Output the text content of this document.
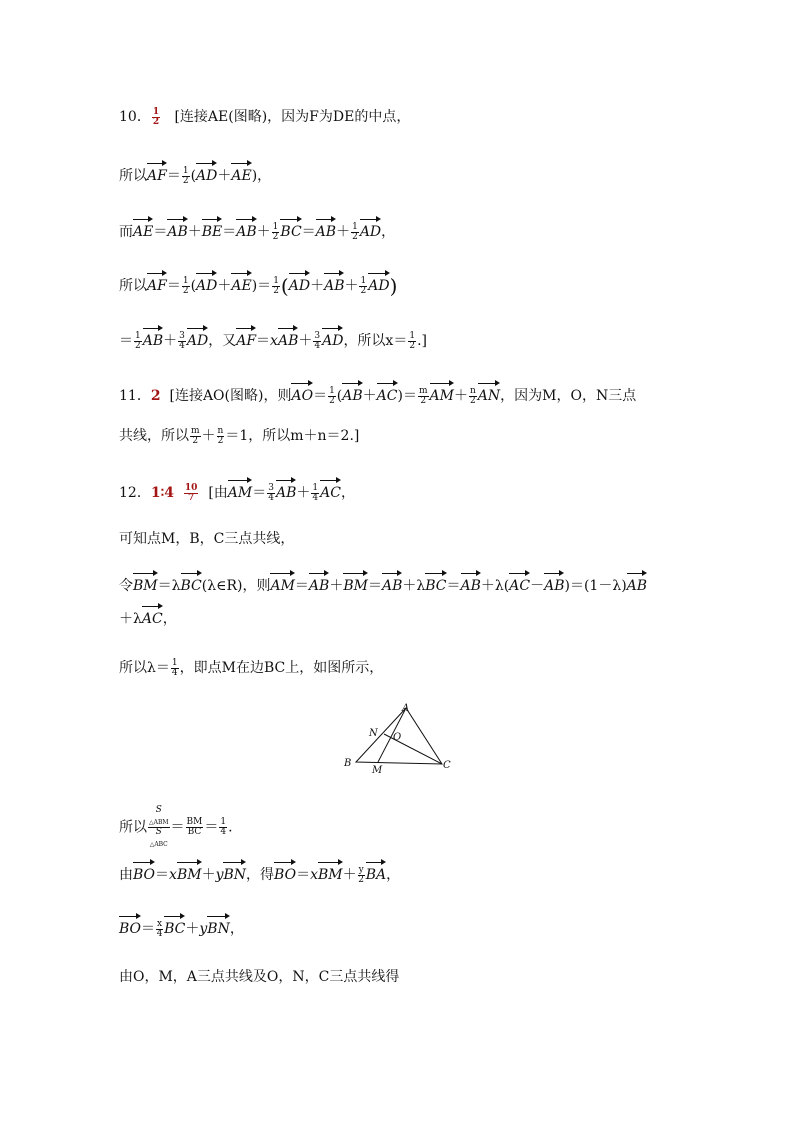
10． $\frac{1}{2}$ [连接AE(图略)，因为F为DE的中点，
所以$AF= \frac{1}{2} (AD+AE)$，
而$AE=AB+BE=AB+ \frac{1}{2} BC=AB+ \frac{1}{2}$ AD，
所以$AF= \frac{1}{2} (AD+AE)= \frac{1}{2} (AD+AB+ \frac{1}{2} AD)$
＝ $\frac{1}{2} AB+ \frac{3}{4}$ AD，又$AF=xAB+ \frac{3}{4}$ AD，所以$x= \frac{1}{2}$ .]
11．2 [连接AO(图略)，则$AO= \frac{1}{2} (AB+AC)= \frac{m}{2} AM+ \frac{n}{2}$ AN，因为M，O，N三点
共线，所以 $\frac{m}{2} + \frac{n}{2} =1$，所以m＋n＝2.]
12．1∶4 $\frac{10}{7}$ [由$AM= \frac{3}{4} AB+ \frac{1}{4}$ AC，
可知点M，B，C三点共线，
令BM＝λBC(λ∈R)，则AM＝AB＋BM＝AB＋λBC＝AB＋λ(AC－AB)＝(1－λ)AB
＋λAC，
所以$\lambda= \frac{1}{4}$ ，即点M在边BC上，如图所示，
A
B	C
M
N O
所以 S
$_{\triangle ABM}$
S
$_{\triangle ABC} = \frac{BM}{BC} = \frac{1}{4}$ .
由BO＝xBM＋yBN，得$BO=xBM+ \frac{y}{2}$ BA，
$BO= \frac{x}{4} BC+yBN$，
由O，M，A三点共线及O，N，C三点共线得
